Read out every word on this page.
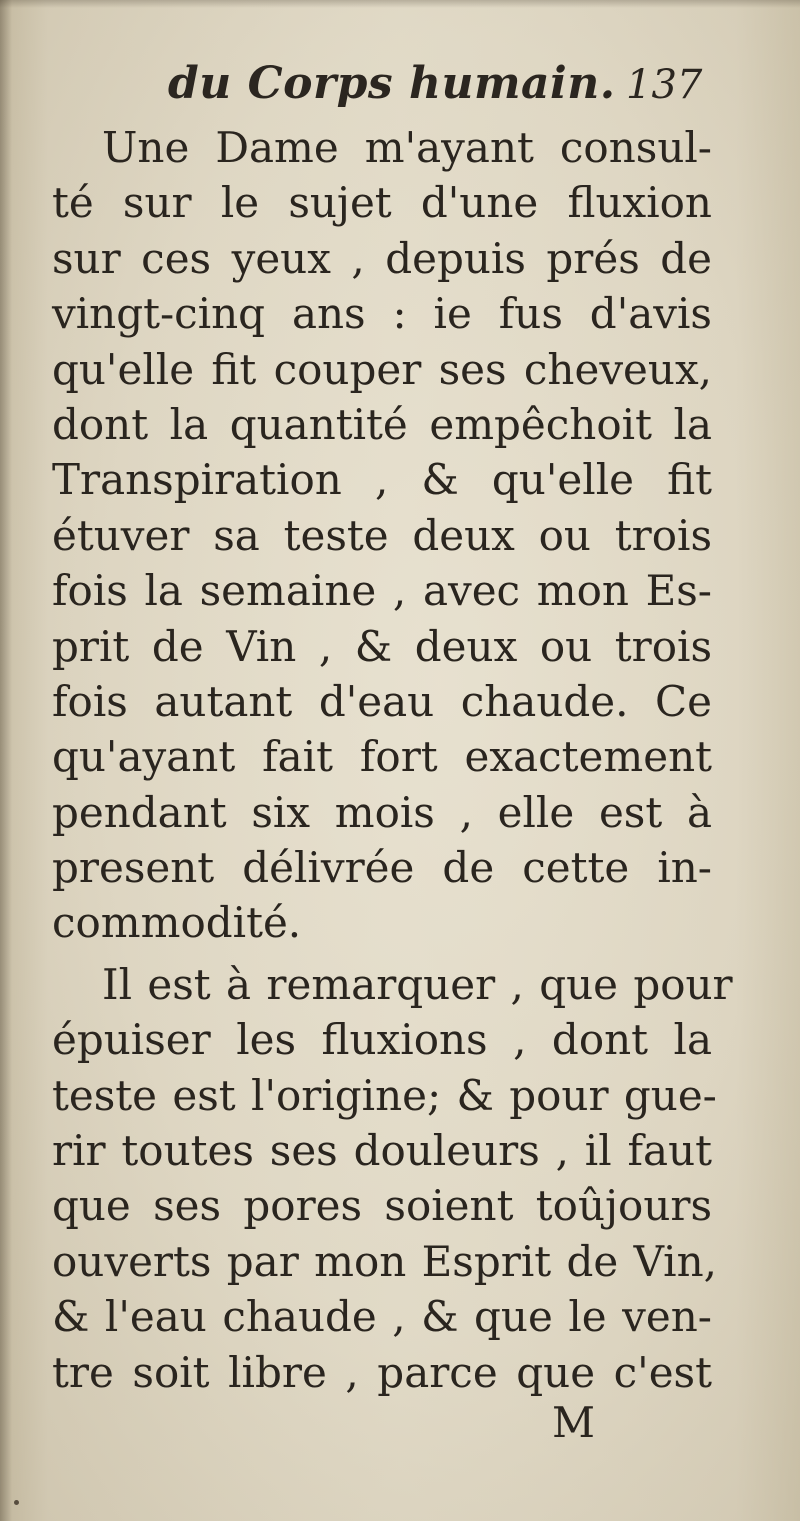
du Corps humain. 137
Une Dame m'ayant consul-
té sur le sujet d'une fluxion
sur ces yeux , depuis prés de
vingt-cinq ans : ie fus d'avis
qu'elle fit couper ses cheveux,
dont la quantité empêchoit la
Transpiration , & qu'elle fit
étuver sa teste deux ou trois
fois la semaine , avec mon Es-
prit de Vin , & deux ou trois
fois autant d'eau chaude. Ce
qu'ayant fait fort exactement
pendant six mois , elle est à
present délivrée de cette in-
commodité.
Il est à remarquer , que pour
épuiser les fluxions , dont la
teste est l'origine; & pour gue-
rir toutes ses douleurs , il faut
que ses pores soient toûjours
ouverts par mon Esprit de Vin,
& l'eau chaude , & que le ven-
tre soit libre , parce que c'est
M
